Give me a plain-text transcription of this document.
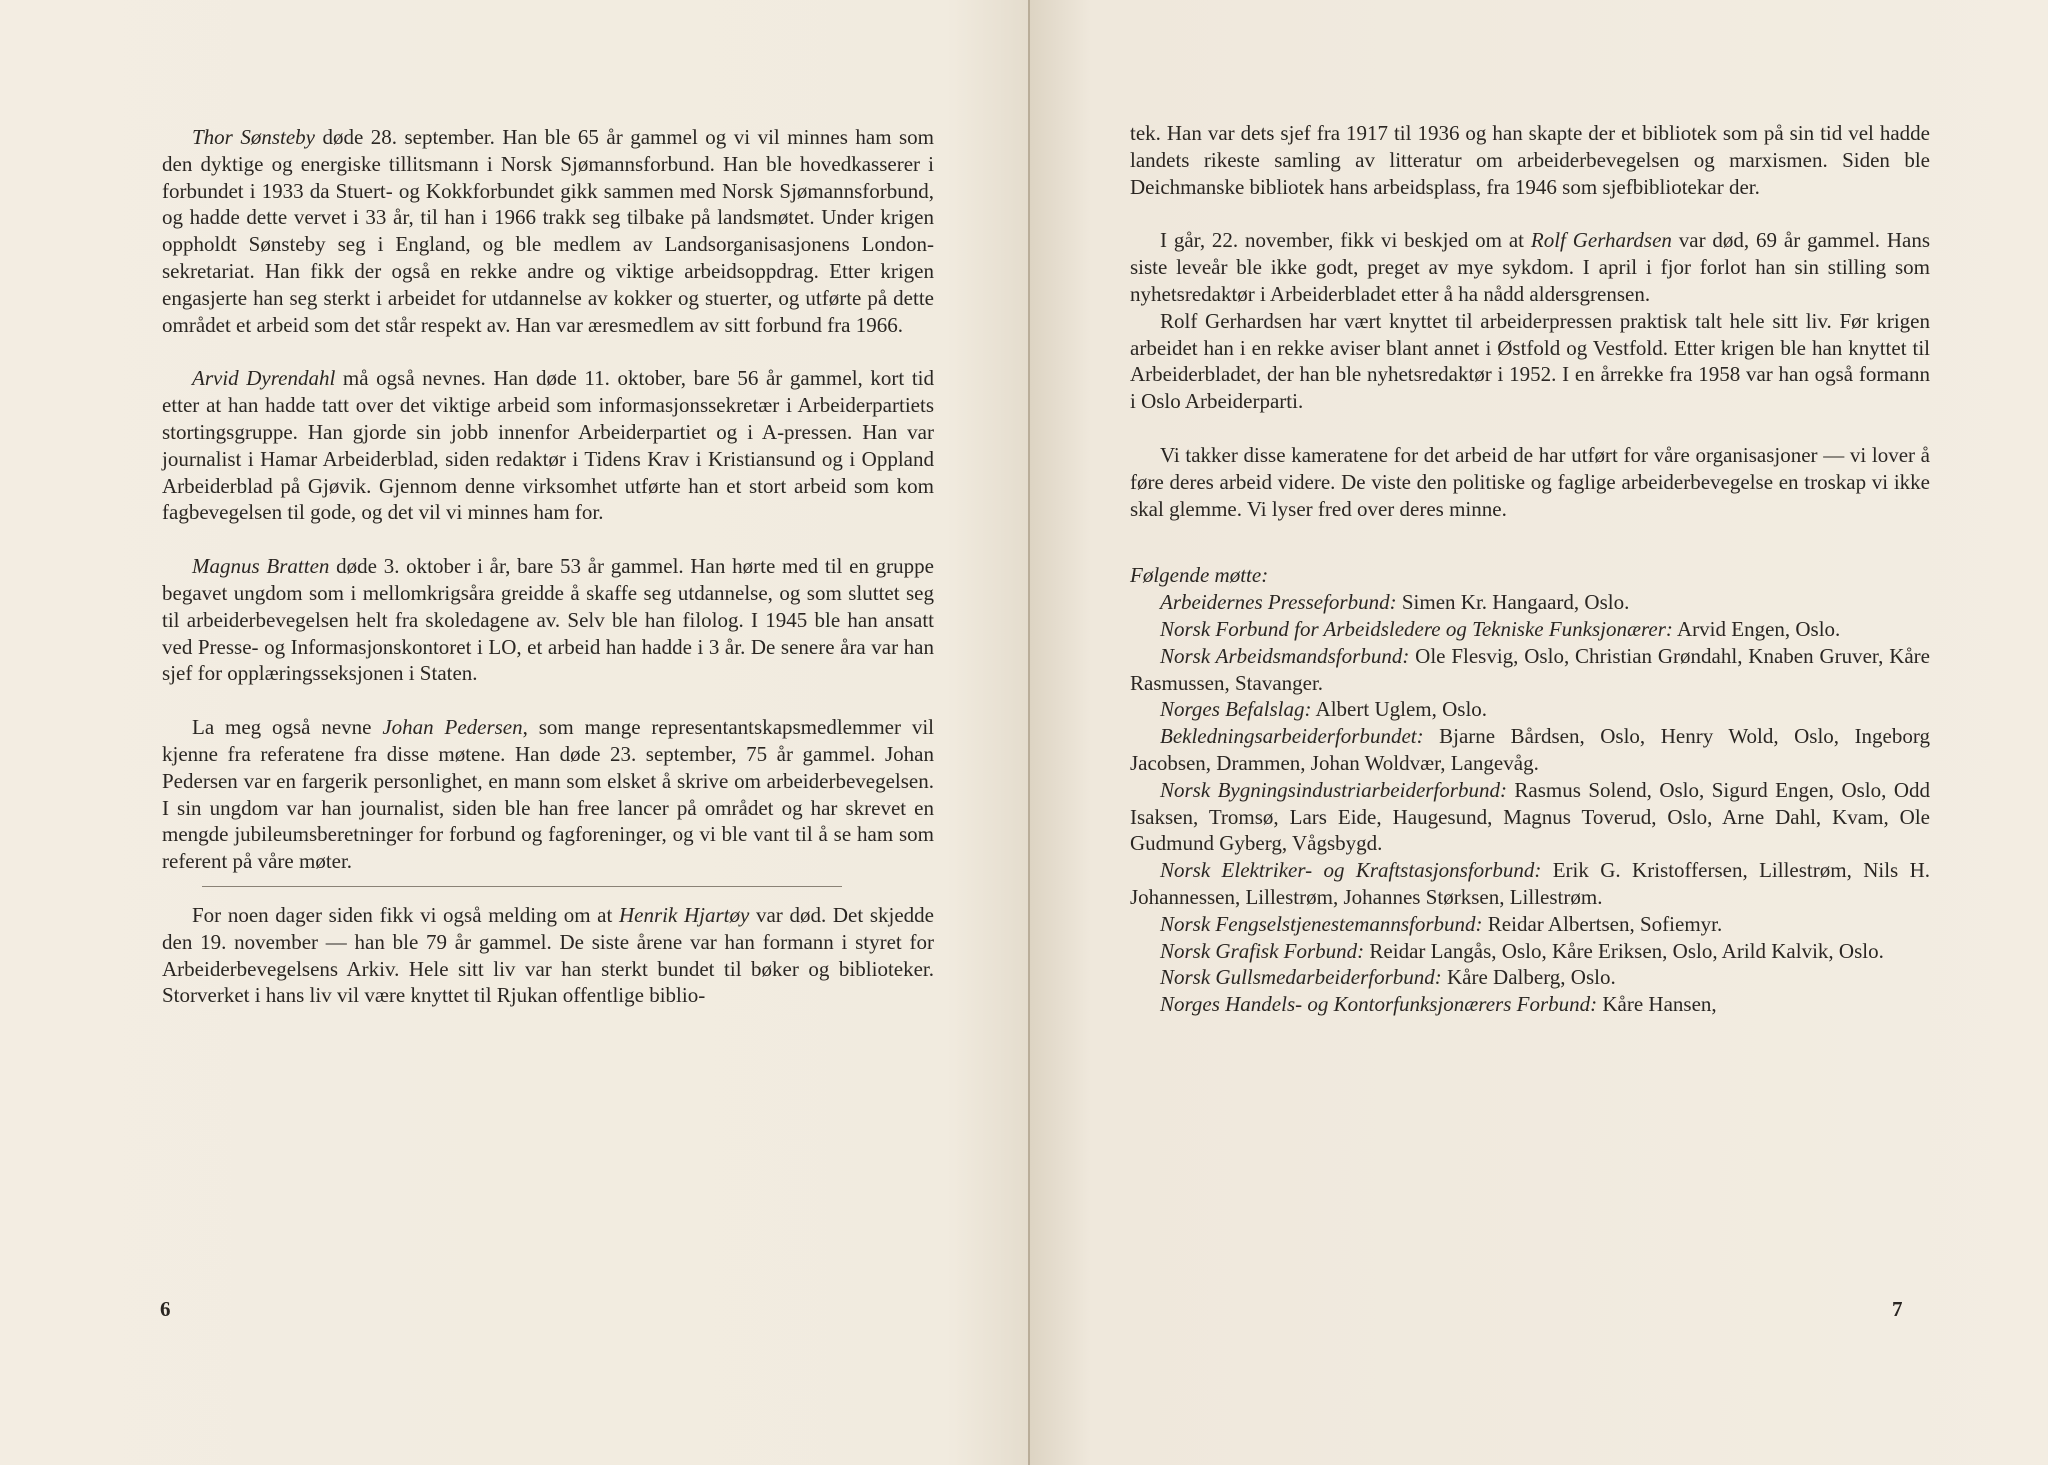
Thor Sønsteby døde 28. september. Han ble 65 år gammel og vi vil minnes ham som den dyktige og energiske tillitsmann i Norsk Sjømannsforbund. Han ble hovedkasserer i forbundet i 1933 da Stuert- og Kokkforbundet gikk sammen med Norsk Sjømannsforbund, og hadde dette vervet i 33 år, til han i 1966 trakk seg tilbake på landsmøtet. Under krigen oppholdt Sønsteby seg i England, og ble medlem av Landsorganisasjonens London-sekretariat. Han fikk der også en rekke andre og viktige arbeidsoppdrag. Etter krigen engasjerte han seg sterkt i arbeidet for utdannelse av kokker og stuerter, og utførte på dette området et arbeid som det står respekt av. Han var æresmedlem av sitt forbund fra 1966.

Arvid Dyrendahl må også nevnes. Han døde 11. oktober, bare 56 år gammel, kort tid etter at han hadde tatt over det viktige arbeid som informasjonssekretær i Arbeiderpartiets stortingsgruppe. Han gjorde sin jobb innenfor Arbeiderpartiet og i A-pressen. Han var journalist i Hamar Arbeiderblad, siden redaktør i Tidens Krav i Kristiansund og i Oppland Arbeiderblad på Gjøvik. Gjennom denne virksomhet utførte han et stort arbeid som kom fagbevegelsen til gode, og det vil vi minnes ham for.

Magnus Bratten døde 3. oktober i år, bare 53 år gammel. Han hørte med til en gruppe begavet ungdom som i mellomkrigsåra greidde å skaffe seg utdannelse, og som sluttet seg til arbeiderbevegelsen helt fra skoledagene av. Selv ble han filolog. I 1945 ble han ansatt ved Presse- og Informasjonskontoret i LO, et arbeid han hadde i 3 år. De senere åra var han sjef for opplæringsseksjonen i Staten.

La meg også nevne Johan Pedersen, som mange representantskapsmedlemmer vil kjenne fra referatene fra disse møtene. Han døde 23. september, 75 år gammel. Johan Pedersen var en fargerik personlighet, en mann som elsket å skrive om arbeiderbevegelsen. I sin ungdom var han journalist, siden ble han free lancer på området og har skrevet en mengde jubileumsberetninger for forbund og fagforeninger, og vi ble vant til å se ham som referent på våre møter.

For noen dager siden fikk vi også melding om at Henrik Hjartøy var død. Det skjedde den 19. november — han ble 79 år gammel. De siste årene var han formann i styret for Arbeiderbevegelsens Arkiv. Hele sitt liv var han sterkt bundet til bøker og biblioteker. Storverket i hans liv vil være knyttet til Rjukan offentlige biblio-

6

tek. Han var dets sjef fra 1917 til 1936 og han skapte der et bibliotek som på sin tid vel hadde landets rikeste samling av litteratur om arbeiderbevegelsen og marxismen. Siden ble Deichmanske bibliotek hans arbeidsplass, fra 1946 som sjefbibliotekar der.

I går, 22. november, fikk vi beskjed om at Rolf Gerhardsen var død, 69 år gammel. Hans siste leveår ble ikke godt, preget av mye sykdom. I april i fjor forlot han sin stilling som nyhetsredaktør i Arbeiderbladet etter å ha nådd aldersgrensen.

Rolf Gerhardsen har vært knyttet til arbeiderpressen praktisk talt hele sitt liv. Før krigen arbeidet han i en rekke aviser blant annet i Østfold og Vestfold. Etter krigen ble han knyttet til Arbeiderbladet, der han ble nyhetsredaktør i 1952. I en årrekke fra 1958 var han også formann i Oslo Arbeiderparti.

Vi takker disse kameratene for det arbeid de har utført for våre organisasjoner — vi lover å føre deres arbeid videre. De viste den politiske og faglige arbeiderbevegelse en troskap vi ikke skal glemme. Vi lyser fred over deres minne.

Følgende møtte:

Arbeidernes Presseforbund: Simen Kr. Hangaard, Oslo.

Norsk Forbund for Arbeidsledere og Tekniske Funksjonærer: Arvid Engen, Oslo.

Norsk Arbeidsmandsforbund: Ole Flesvig, Oslo, Christian Grøndahl, Knaben Gruver, Kåre Rasmussen, Stavanger.

Norges Befalslag: Albert Uglem, Oslo.

Bekledningsarbeiderforbundet: Bjarne Bårdsen, Oslo, Henry Wold, Oslo, Ingeborg Jacobsen, Drammen, Johan Woldvær, Langevåg.

Norsk Bygningsindustriarbeiderforbund: Rasmus Solend, Oslo, Sigurd Engen, Oslo, Odd Isaksen, Tromsø, Lars Eide, Haugesund, Magnus Toverud, Oslo, Arne Dahl, Kvam, Ole Gudmund Gyberg, Vågsbygd.

Norsk Elektriker- og Kraftstasjonsforbund: Erik G. Kristoffersen, Lillestrøm, Nils H. Johannessen, Lillestrøm, Johannes Størksen, Lillestrøm.

Norsk Fengselstjenestemannsforbund: Reidar Albertsen, Sofiemyr.

Norsk Grafisk Forbund: Reidar Langås, Oslo, Kåre Eriksen, Oslo, Arild Kalvik, Oslo.

Norsk Gullsmedarbeiderforbund: Kåre Dalberg, Oslo.

Norges Handels- og Kontorfunksjonærers Forbund: Kåre Hansen,

7
